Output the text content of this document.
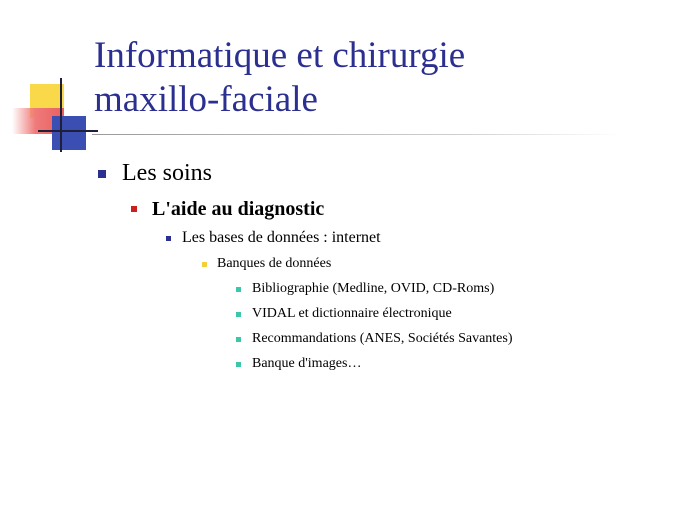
Informatique et chirurgie
maxillo-faciale
Les soins
L'aide au diagnostic
Les bases de données : internet
Banques de données
Bibliographie (Medline, OVID, CD-Roms)
VIDAL et dictionnaire électronique
Recommandations (ANES, Sociétés Savantes)
Banque d'images…
